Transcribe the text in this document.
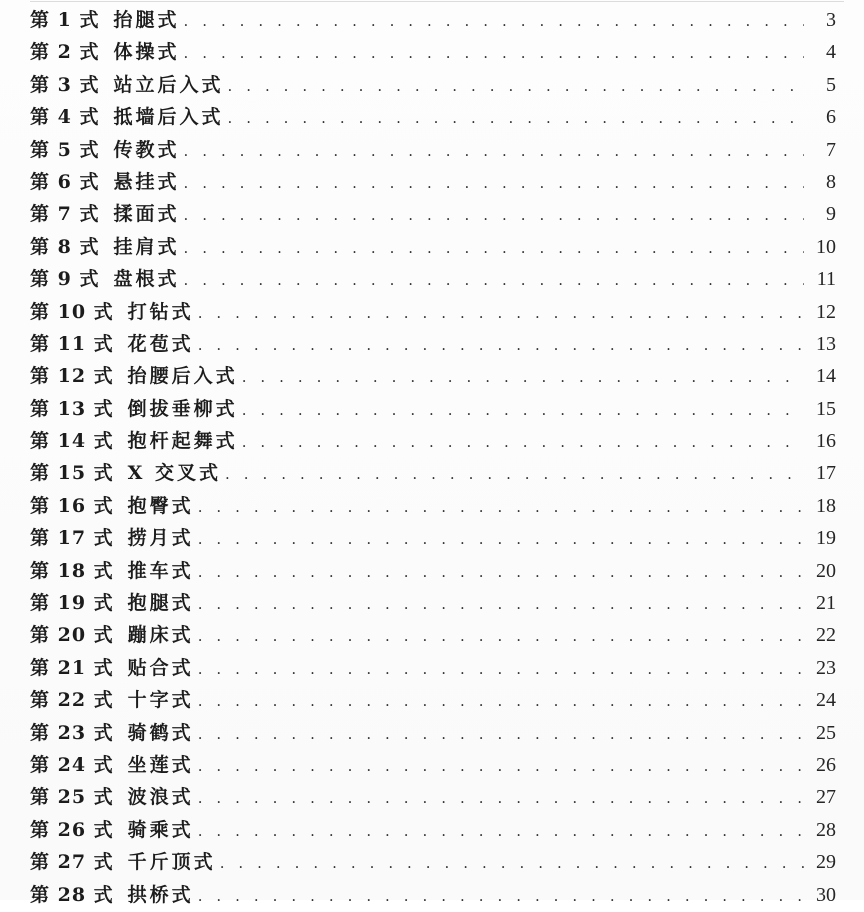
第 1 式 抬腿式 . . .	3
第 2 式 体操式 . . .	4
第 3 式 站立后入式 . . .	5
第 4 式 抵墙后入式 . . .	6
第 5 式 传教式 . . .	7
第 6 式 悬挂式 . . .	8
第 7 式 揉面式 . . .	9
第 8 式 挂肩式 . . .	10
第 9 式 盘根式 . . .	11
第 10 式 打钻式 . . .	12
第 11 式 花苞式 . . .	13
第 12 式 抬腰后入式 . . .	14
第 13 式 倒拔垂柳式 . . .	15
第 14 式 抱杆起舞式 . . .	16
第 15 式 X 交叉式 . . .	17
第 16 式 抱臀式 . . .	18
第 17 式 捞月式 . . .	19
第 18 式 推车式 . . .	20
第 19 式 抱腿式 . . .	21
第 20 式 蹦床式 . . .	22
第 21 式 贴合式 . . .	23
第 22 式 十字式 . . .	24
第 23 式 骑鹤式 . . .	25
第 24 式 坐莲式 . . .	26
第 25 式 波浪式 . . .	27
第 26 式 骑乘式 . . .	28
第 27 式 千斤顶式 . . .	29
第 28 式 拱桥式 . . .	30
